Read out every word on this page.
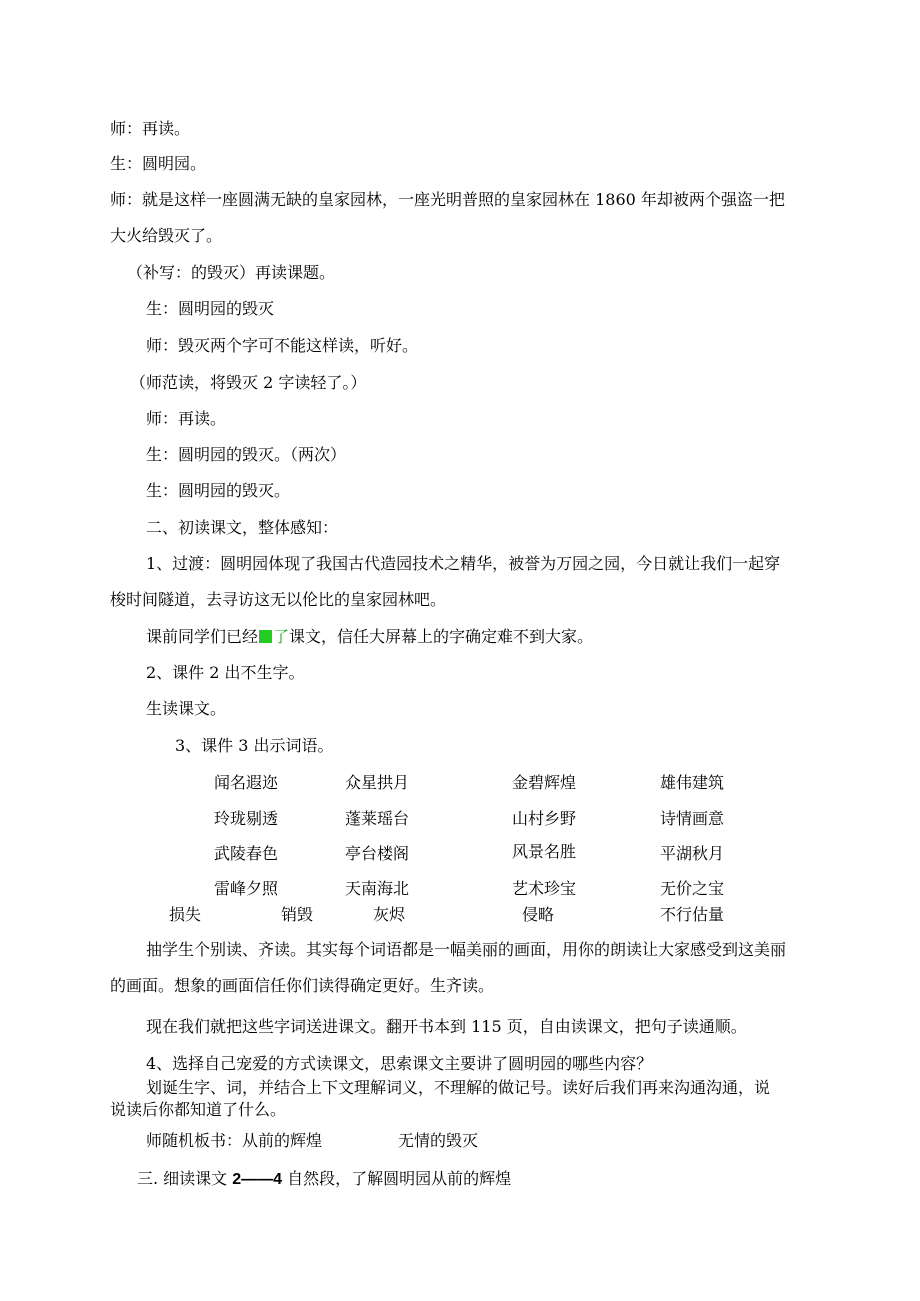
师：再读。
生：圆明园。
师：就是这样一座圆满无缺的皇家园林，一座光明普照的皇家园林在 1860 年却被两个强盗一把
大火给毁灭了。
（补写：的毁灭）再读课题。
生：圆明园的毁灭
师：毁灭两个字可不能这样读，听好。
（师范读，将毁灭 2 字读轻了。）
师：再读。
生：圆明园的毁灭。（两次）
生：圆明园的毁灭。
二、初读课文，整体感知：
1、过渡：圆明园体现了我国古代造园技术之精华，被誉为万园之园，今日就让我们一起穿
梭时间隧道，去寻访这无以伦比的皇家园林吧。
课前同学们已经 了课文，信任大屏幕上的字确定难不到大家。
2、课件 2 出不生字。
生读课文。
3、课件 3 出示词语。
闻名遐迩	众星拱月	金碧辉煌	雄伟建筑
玲珑剔透	蓬莱瑶台	山村乡野	诗情画意
武陵春色	亭台楼阁	风景名胜	平湖秋月
雷峰夕照	天南海北	艺术珍宝	无价之宝
损失	销毁	灰烬	侵略	不行估量
抽学生个别读、齐读。其实每个词语都是一幅美丽的画面，用你的朗读让大家感受到这美丽
的画面。想象的画面信任你们读得确定更好。生齐读。
现在我们就把这些字词送进课文。翻开书本到 115 页，自由读课文，把句子读通顺。
4、选择自己宠爱的方式读课文，思索课文主要讲了圆明园的哪些内容？
划诞生字、词，并结合上下文理解词义，不理解的做记号。读好后我们再来沟通沟通，说
说读后你都知道了什么。
师随机板书：从前的辉煌	无情的毁灭
三. 细读课文 2——4 自然段，了解圆明园从前的辉煌
